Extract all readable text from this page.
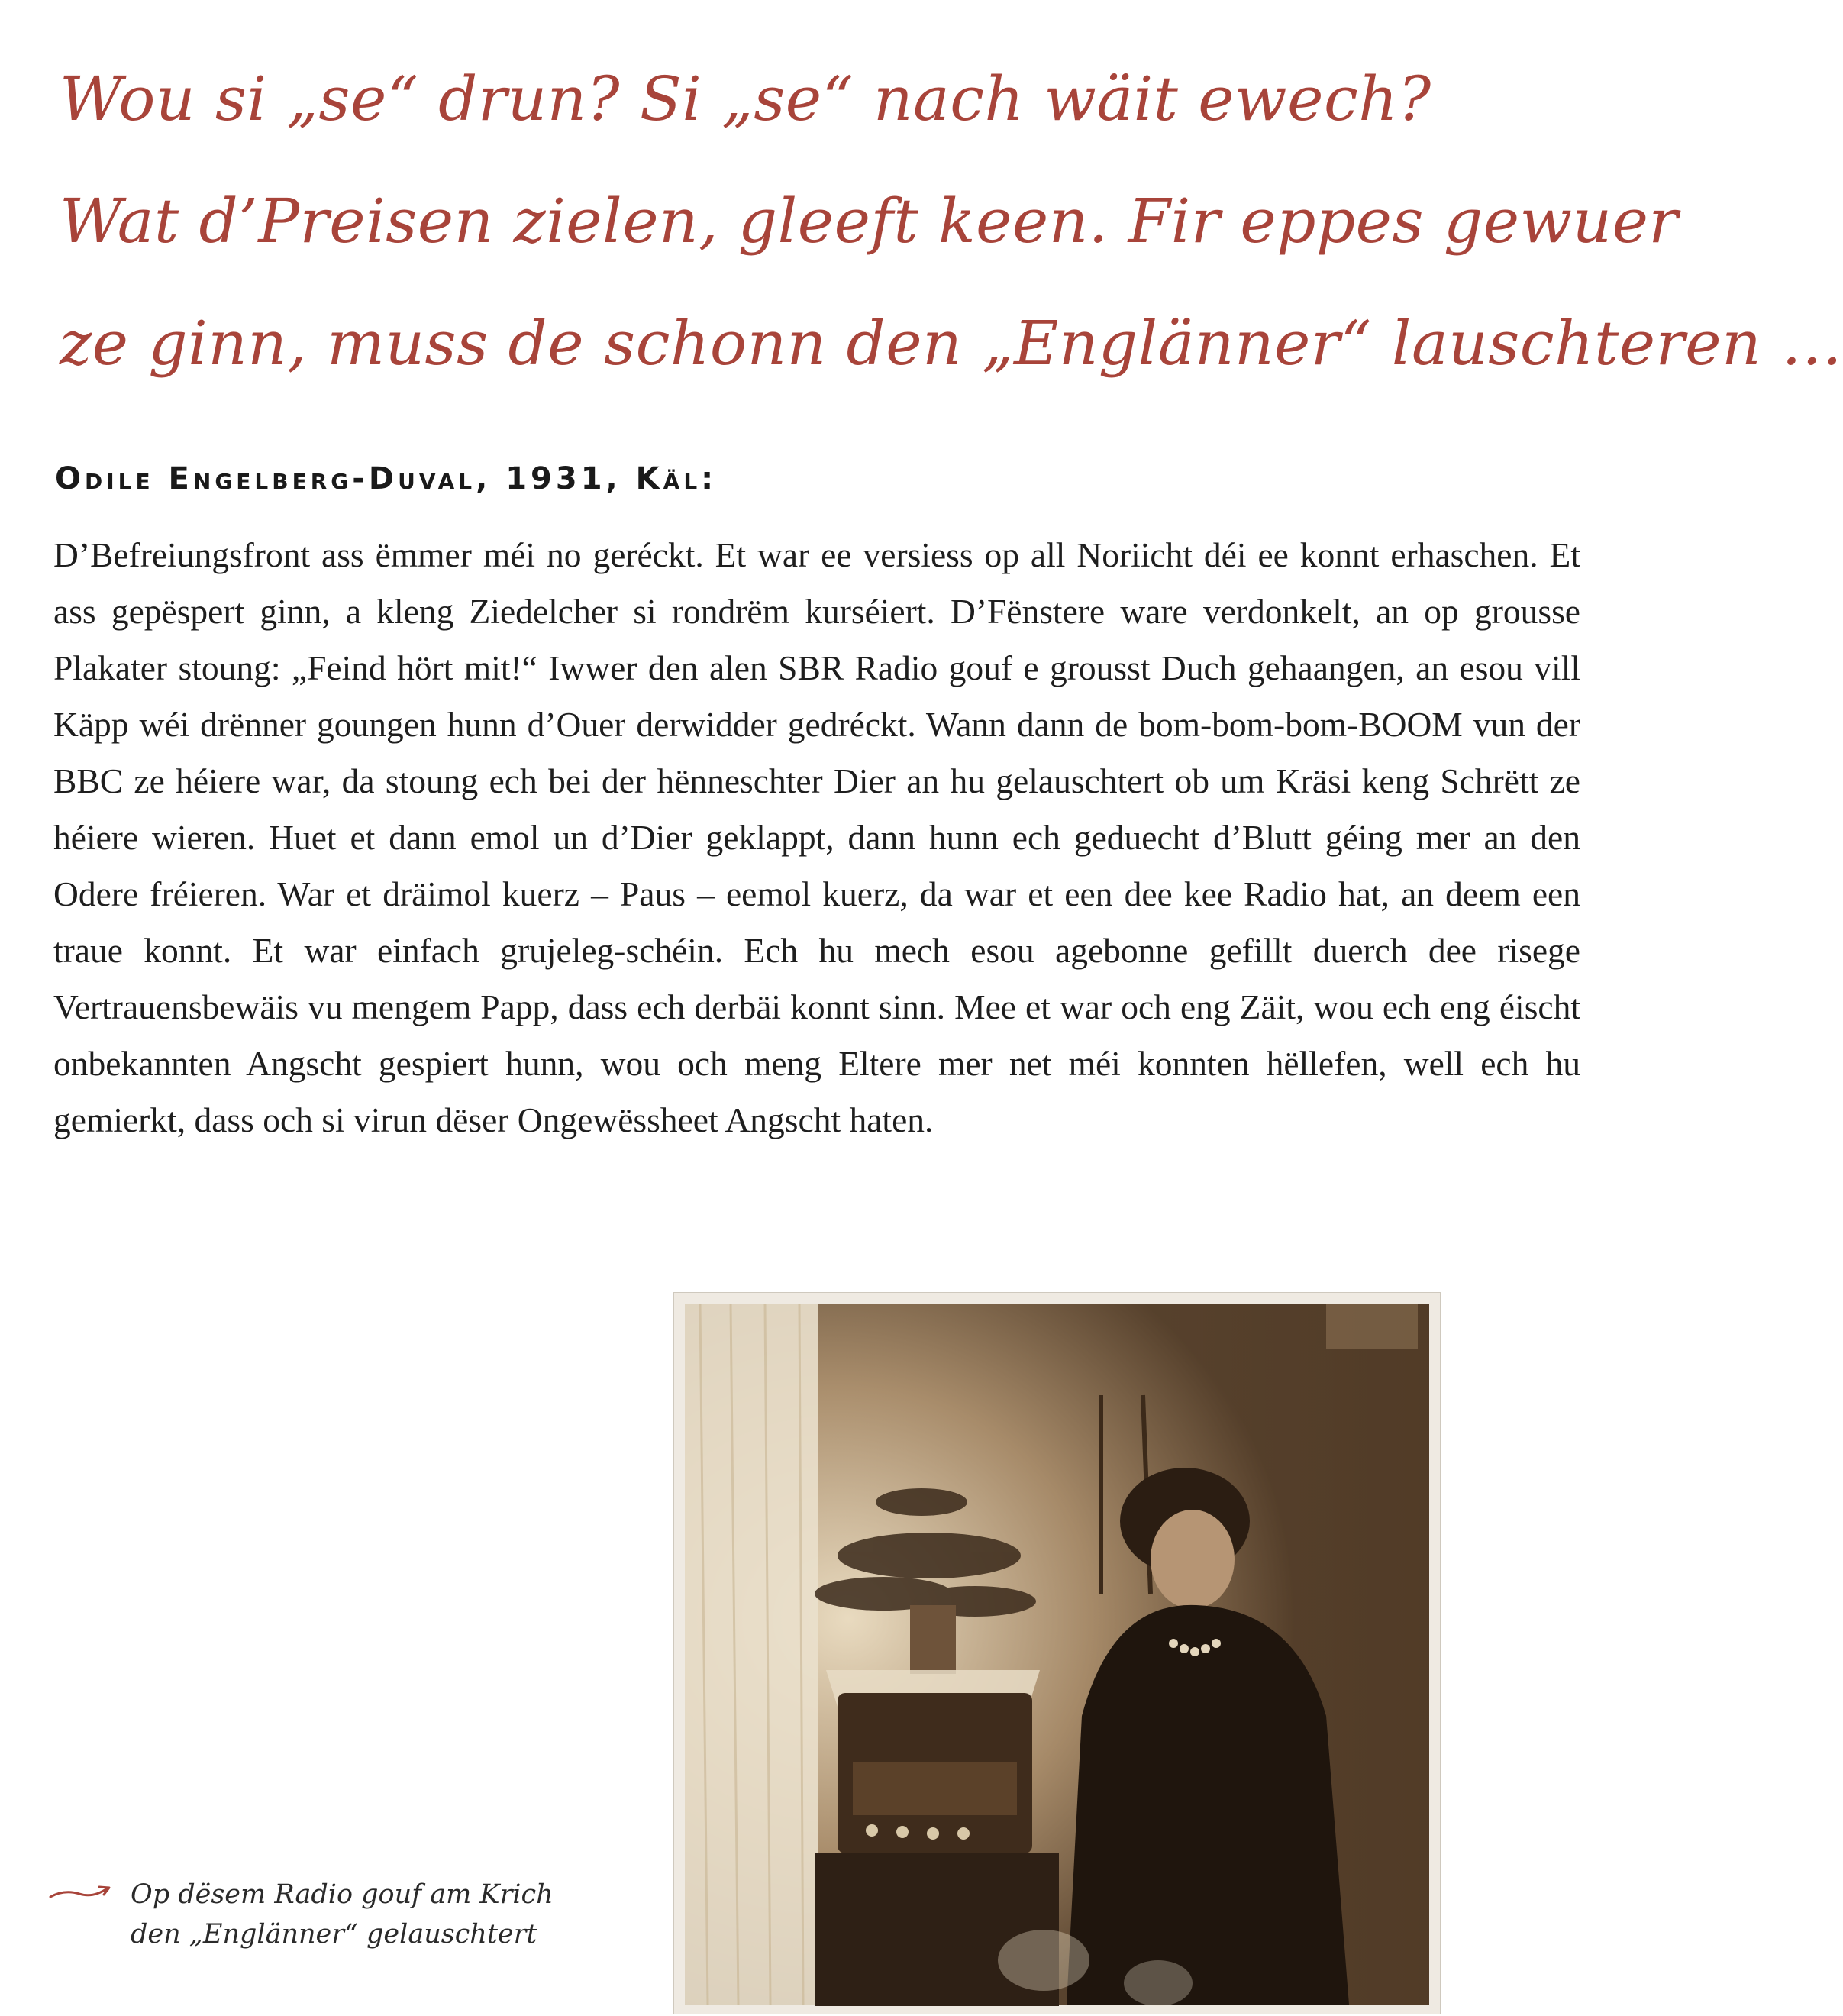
Wou si „se“ drun? Si „se“ nach wäit ewech?
Wat d’Preisen zielen, gleeft keen. Fir eppes gewuer
ze ginn, muss de schonn den „Englänner“ lauschteren …

Odile Engelberg-Duval, 1931, Käl:

D’Befreiungsfront ass ëmmer méi no geréckt. Et war ee versiess op all Noriicht déi ee konnt erhaschen. Et ass gepëspert ginn, a kleng Ziedelcher si rondrëm kurséiert. D’Fënstere ware verdonkelt, an op grousse Plakater stoung: „Feind hört mit!“ Iwwer den alen SBR Radio gouf e grousst Duch gehaangen, an esou vill Käpp wéi drënner goungen hunn d’Ouer derwidder gedréckt. Wann dann de bom-bom-bom-BOOM vun der BBC ze héiere war, da stoung ech bei der hënneschter Dier an hu gelauschtert ob um Kräsi keng Schrëtt ze héiere wieren. Huet et dann emol un d’Dier geklappt, dann hunn ech geduecht d’Blutt géing mer an den Odere fréieren. War et dräimol kuerz – Paus – eemol kuerz, da war et een dee kee Radio hat, an deem een traue konnt. Et war einfach grujeleg-schéin. Ech hu mech esou agebonne gefillt duerch dee risege Vertrauensbewäis vu mengem Papp, dass ech derbäi konnt sinn. Mee et war och eng Zäit, wou ech eng éischt onbekannten Angscht gespiert hunn, wou och meng Eltere mer net méi konnten hëllefen, well ech hu gemierkt, dass och si virun dëser Ongewëssheet Angscht haten.

Op dësem Radio gouf am Krich
den „Englänner“ gelauschtert
